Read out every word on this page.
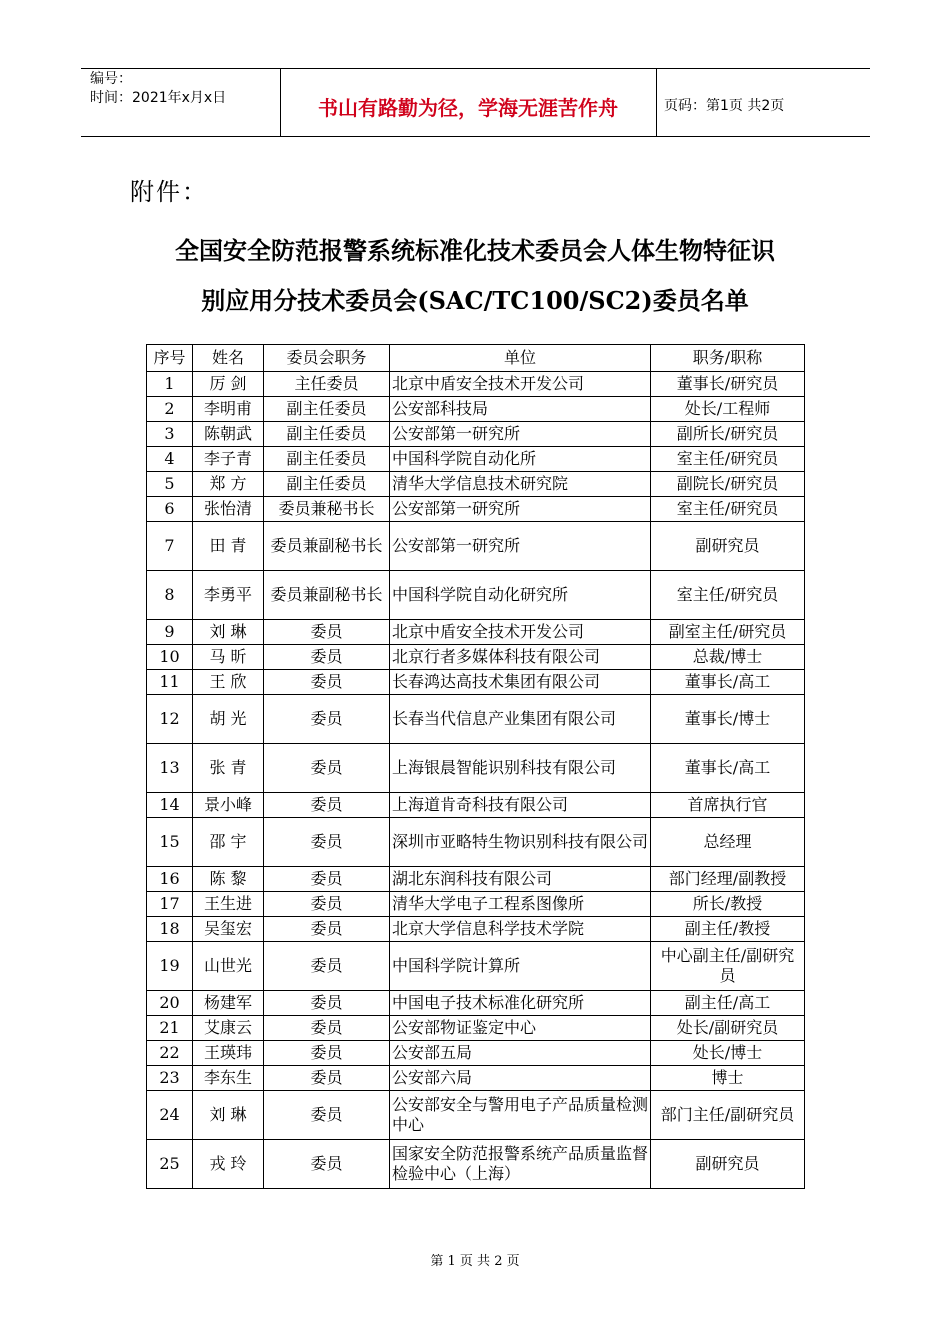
编号：
时间：2021年x月x日	书山有路勤为径，学海无涯苦作舟	页码：第1页 共2页
附件：
全国安全防范报警系统标准化技术委员会人体生物特征识
别应用分技术委员会(SAC/TC100/SC2)委员名单
序号	姓名	委员会职务	单位	职务/职称
1	厉 剑	主任委员	北京中盾安全技术开发公司	董事长/研究员
2	李明甫	副主任委员	公安部科技局	处长/工程师
3	陈朝武	副主任委员	公安部第一研究所	副所长/研究员
4	李子青	副主任委员	中国科学院自动化所	室主任/研究员
5	郑 方	副主任委员	清华大学信息技术研究院	副院长/研究员
6	张怡清	委员兼秘书长	公安部第一研究所	室主任/研究员
7	田 青	委员兼副秘书长	公安部第一研究所	副研究员
8	李勇平	委员兼副秘书长	中国科学院自动化研究所	室主任/研究员
9	刘 琳	委员	北京中盾安全技术开发公司	副室主任/研究员
10	马 昕	委员	北京行者多媒体科技有限公司	总裁/博士
11	王 欣	委员	长春鸿达高技术集团有限公司	董事长/高工
12	胡 光	委员	长春当代信息产业集团有限公司	董事长/博士
13	张 青	委员	上海银晨智能识别科技有限公司	董事长/高工
14	景小峰	委员	上海道肯奇科技有限公司	首席执行官
15	邵 宇	委员	深圳市亚略特生物识别科技有限公司	总经理
16	陈 黎	委员	湖北东润科技有限公司	部门经理/副教授
17	王生进	委员	清华大学电子工程系图像所	所长/教授
18	吴玺宏	委员	北京大学信息科学技术学院	副主任/教授
19	山世光	委员	中国科学院计算所	中心副主任/副研究员
20	杨建军	委员	中国电子技术标准化研究所	副主任/高工
21	艾康云	委员	公安部物证鉴定中心	处长/副研究员
22	王瑛玮	委员	公安部五局	处长/博士
23	李东生	委员	公安部六局	博士
24	刘 琳	委员	公安部安全与警用电子产品质量检测中心	部门主任/副研究员
25	戎 玲	委员	国家安全防范报警系统产品质量监督检验中心（上海）	副研究员
第 1 页 共 2 页
